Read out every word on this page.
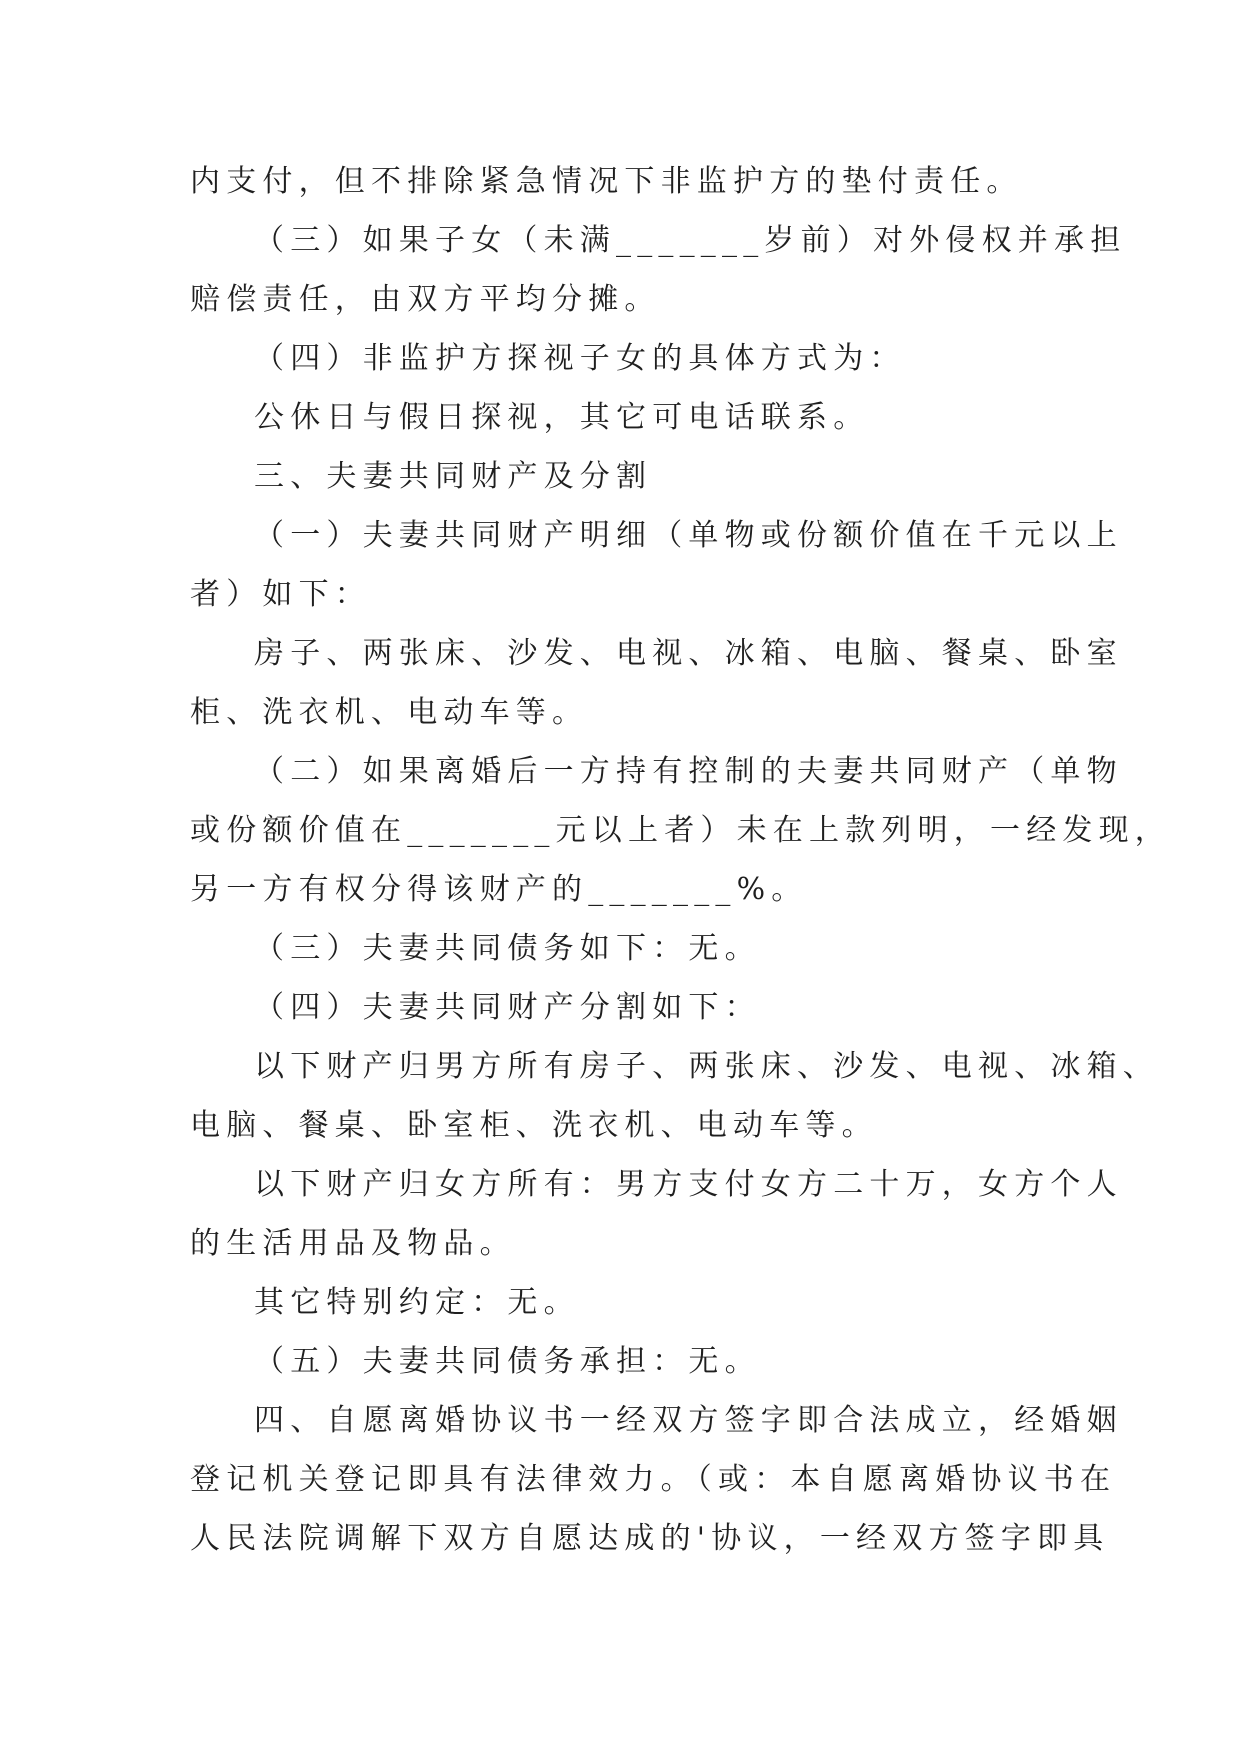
内支付，但不排除紧急情况下非监护方的垫付责任。
（三）如果子女（未满_______岁前）对外侵权并承担
赔偿责任，由双方平均分摊。
（四）非监护方探视子女的具体方式为：
公休日与假日探视，其它可电话联系。
三、夫妻共同财产及分割
（一）夫妻共同财产明细（单物或份额价值在千元以上
者）如下：
房子、两张床、沙发、电视、冰箱、电脑、餐桌、卧室
柜、洗衣机、电动车等。
（二）如果离婚后一方持有控制的夫妻共同财产（单物
或份额价值在_______元以上者）未在上款列明，一经发现，
另一方有权分得该财产的_______%。
（三）夫妻共同债务如下：无。
（四）夫妻共同财产分割如下：
以下财产归男方所有房子、两张床、沙发、电视、冰箱、
电脑、餐桌、卧室柜、洗衣机、电动车等。
以下财产归女方所有：男方支付女方二十万，女方个人
的生活用品及物品。
其它特别约定：无。
（五）夫妻共同债务承担：无。
四、自愿离婚协议书一经双方签字即合法成立，经婚姻
登记机关登记即具有法律效力。（或：本自愿离婚协议书在
人民法院调解下双方自愿达成的'协议，一经双方签字即具
